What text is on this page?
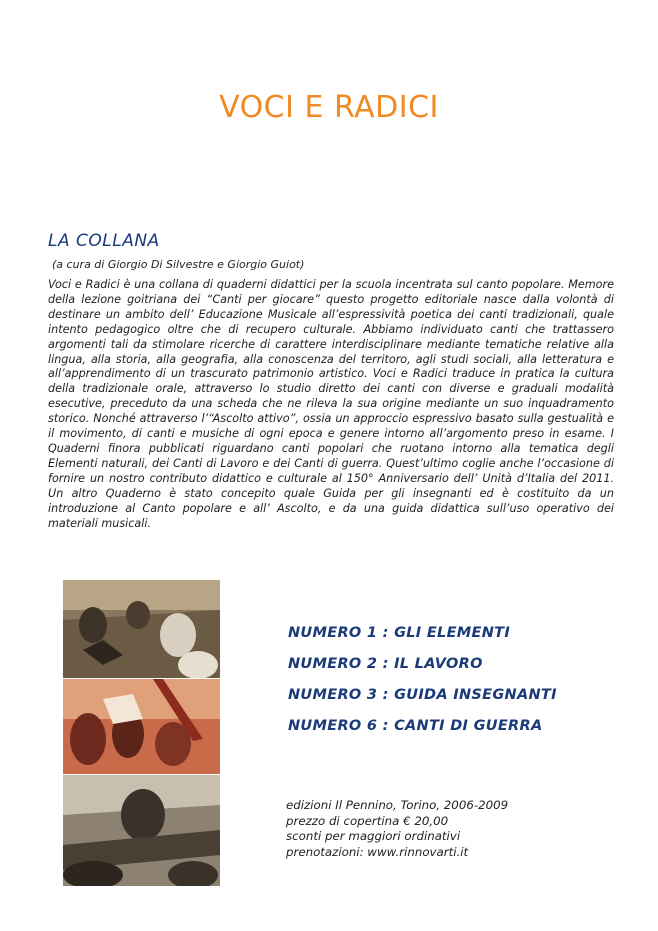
VOCI E RADICI
LA COLLANA
(a cura di Giorgio Di Silvestre e Giorgio Guiot)
Voci e Radici è una collana di quaderni didattici per la scuola incentrata sul canto popolare. Memore della lezione goitriana dei “Canti per giocare” questo progetto editoriale nasce dalla volontà di destinare un ambito dell’ Educazione Musicale all’espressività poetica dei canti tradizionali, quale intento pedagogico oltre che di recupero culturale. Abbiamo individuato canti che trattassero argomenti tali da stimolare ricerche di carattere interdisciplinare mediante tematiche relative alla lingua, alla storia, alla geografia, alla conoscenza del territoro, agli studi sociali, alla letteratura e all’apprendimento di un trascurato patrimonio artistico. Voci e Radici traduce in pratica la cultura della tradizionale orale, attraverso lo studio diretto dei canti con diverse e graduali modalità esecutive, preceduto da una scheda che ne rileva la sua origine mediante un suo inquadramento storico. Nonché attraverso l’“Ascolto attivo”, ossia un approccio espressivo basato sulla gestualità e il movimento, di canti e musiche di ogni epoca e genere intorno all’argomento preso in esame. I Quaderni finora pubblicati riguardano canti popolari che ruotano intorno alla tematica degli Elementi naturali, dei Canti di Lavoro e dei Canti di guerra. Quest’ultimo coglie anche l’occasione di fornire un nostro contributo didattico e culturale al 150° Anniversario dell’ Unità d’Italia del 2011. Un altro Quaderno è stato concepito quale Guida per gli insegnanti ed è costituito da un introduzione al Canto popolare e all’ Ascolto, e da una guida didattica sull’uso operativo dei materiali musicali.
NUMERO 1 : GLI ELEMENTI
NUMERO 2 : IL LAVORO
NUMERO 3 : GUIDA INSEGNANTI
NUMERO 6 : CANTI DI GUERRA
edizioni Il Pennino, Torino, 2006-2009
prezzo di copertina € 20,00
sconti per maggiori ordinativi
prenotazioni: www.rinnovarti.it
